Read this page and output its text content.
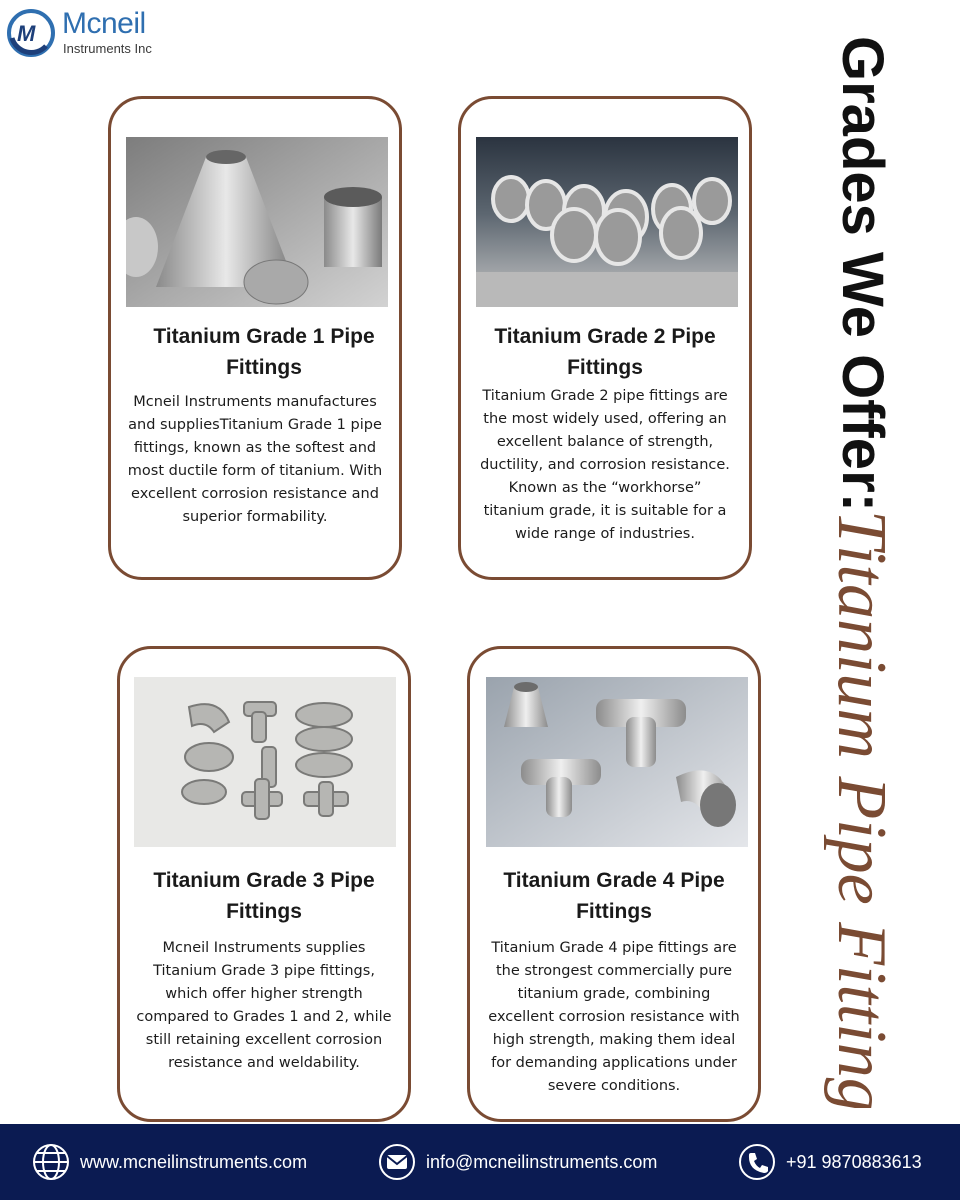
M Mcneil
Instruments Inc	Grades We Offer:
Titanium Pipe Fitting
Titanium Grade 1 Pipe Fittings
Mcneil Instruments manufactures and suppliesTitanium Grade 1 pipe fittings, known as the softest and most ductile form of titanium. With excellent corrosion resistance and superior formability.
Titanium Grade 2 Pipe Fittings
Titanium Grade 2 pipe fittings are the most widely used, offering an excellent balance of strength, ductility, and corrosion resistance. Known as the “workhorse” titanium grade, it is suitable for a wide range of industries.
Titanium Grade 3 Pipe Fittings
Mcneil Instruments supplies Titanium Grade 3 pipe fittings, which offer higher strength compared to Grades 1 and 2, while still retaining excellent corrosion resistance and weldability.
Titanium Grade 4 Pipe Fittings
Titanium Grade 4 pipe fittings are the strongest commercially pure titanium grade, combining excellent corrosion resistance with high strength, making them ideal for demanding applications under severe conditions.
www.mcneilinstruments.com	info@mcneilinstruments.com	+91 9870883613
